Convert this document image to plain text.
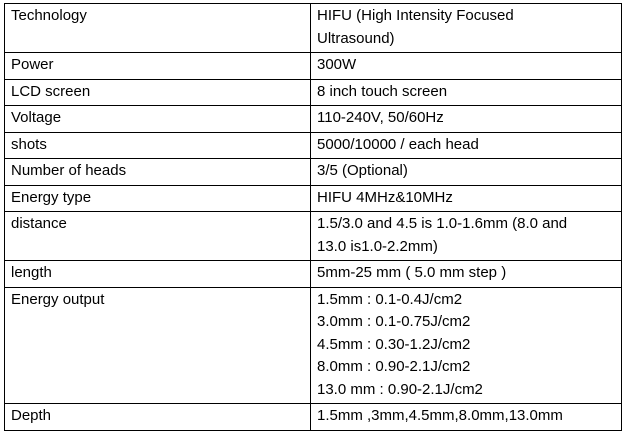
Technology	HIFU (High Intensity Focused
Ultrasound)

Power	300W

LCD screen	8 inch touch screen

Voltage	110-240V, 50/60Hz

shots	5000/10000 / each head

Number of heads	3/5 (Optional)

Energy type	HIFU 4MHz&10MHz

distance	1.5/3.0 and 4.5 is 1.0-1.6mm (8.0 and
13.0 is1.0-2.2mm)

length	5mm-25 mm ( 5.0 mm step )

Energy output	1.5mm : 0.1-0.4J/cm2
3.0mm : 0.1-0.75J/cm2
4.5mm : 0.30-1.2J/cm2
8.0mm : 0.90-2.1J/cm2
13.0 mm : 0.90-2.1J/cm2

Depth	1.5mm ,3mm,4.5mm,8.0mm,13.0mm
